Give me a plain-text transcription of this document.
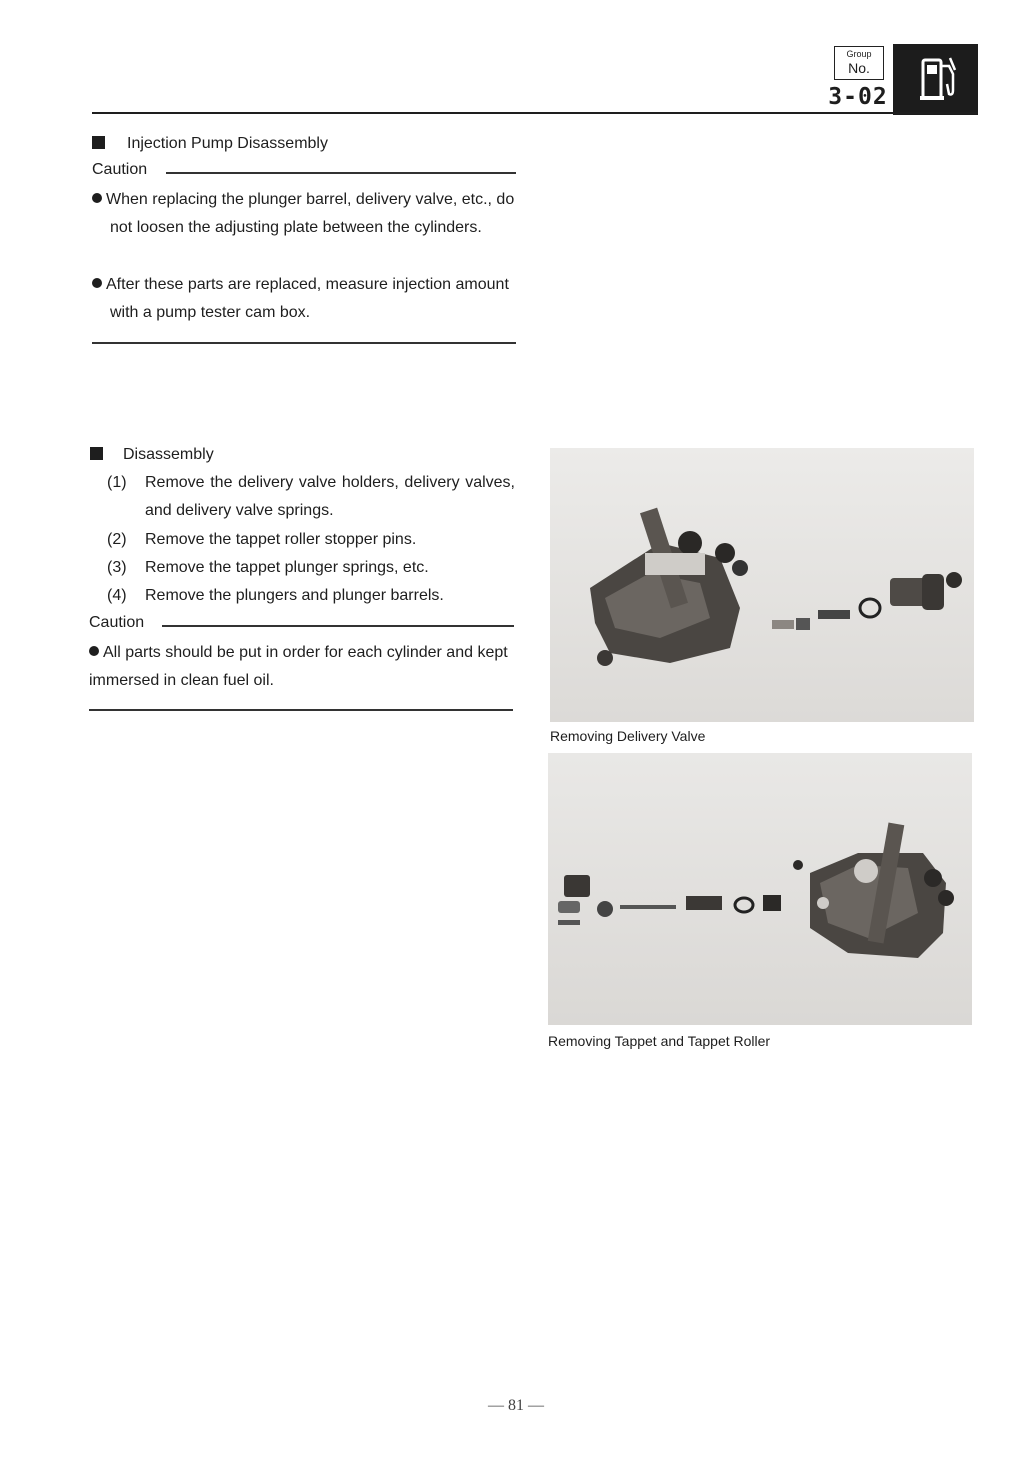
Group
No.
3-02
Injection Pump Disassembly
Caution
When replacing the plunger barrel, delivery valve, etc., do not loosen the adjusting plate between the cylinders.
After these parts are replaced, measure injection amount with a pump tester cam box.
Disassembly
(1) Remove the delivery valve holders, delivery valves, and delivery valve springs.
(2) Remove the tappet roller stopper pins.
(3) Remove the tappet plunger springs, etc.
(4) Remove the plungers and plunger barrels.
Caution
All parts should be put in order for each cylinder and kept immersed in clean fuel oil.
Removing Delivery Valve
Removing Tappet and Tappet Roller
— 81 —
